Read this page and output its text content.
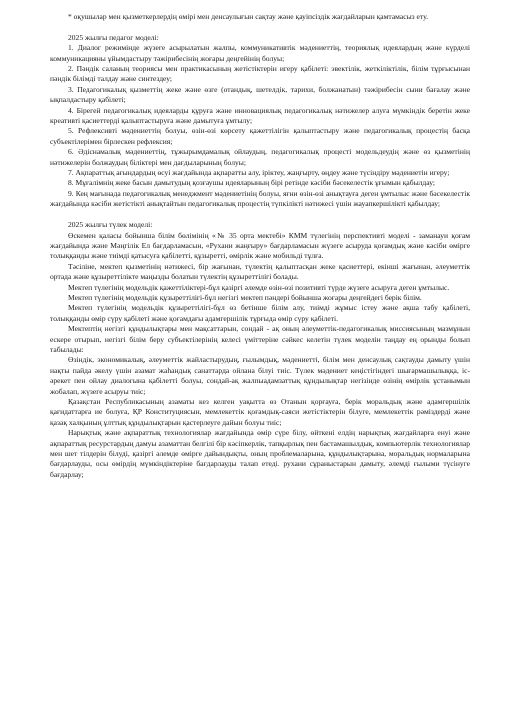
* оқушылар мен қызметкерлердің өмірі мен денсаулығын сақтау және қауіпсіздік жағдайларын қамтамасыз ету.

2025 жылғы педагог моделі:

1. Диалог режимінде жүзеге асырылатын жалпы, коммуникативтік мәдениеттің, теориялық идеялардың және күрделі коммуникацияны ұйымдастыру тәжірибесінің жоғары деңгейінің болуы;

2. Пәндік саланың теориясы мен практикасының жетістіктерін игеру қабілеті: эвектілік, жеткіліктілік, білім тұрғысынан пәндік білімді талдау және синтездеу;

3. Педагогикалық қызметтің жеке және өзге (отандық, шетелдік, тарихи, болжанатын) тәжірибесін сыни бағалау және ықпалдастыру қабілеті;

4. Бірегей педагогикалық идеяларды құруға және инновациялық педагогикалық нәтижелер алуға мүмкіндік беретін жеке креативті қасиеттерді қалыптастыруға және дамытуға ұмтылу;

5. Рефлексивті мәдениеттің болуы, өзін-өзі көрсету қажеттілігін қалыптастыру және педагогикалық процестің басқа субъектілерімен бірлескен рефлексия;

6. Әдіснамалық мәдениеттің, тұжырымдамалық ойлаудың, педагогикалық процесті модельдеудің және өз қызметінің нәтижелерін болжаудың біліктері мен дағдыларының болуы;

7. Ақпараттық ағындардың өсуі жағдайында ақпаратты алу, іріктеу, жаңғырту, өңдеу және түсіндіру мәдениетін игеру;

8. Мұғалімнің жеке басын дамытудың қозғаушы идеяларының бірі ретінде кәсіби бәсекелестік ұғымын қабылдау;

9. Кең мағынада педагогикалық менеджмент мәдениетінің болуы, яғни өзін-өзі анықтауға деген ұмтылыс және бәсекелестік жағдайында кәсіби жетістікті анықтайтын педагогикалық процестің түпкілікті нәтижесі үшін жауапкершілікті қабылдау;

2025 жылғы түлек моделі:

Өскемен қаласы бойынша білім бөлімінің «№ 35 орта мектебі» КММ түлегінің перспективті моделі - заманауи қоғам жағдайында және Мәңгілік Ел бағдарламасын, «Рухани жаңғыру» бағдарламасын жүзеге асыруда қоғамдық және кәсіби өмірге толыққанды және тиімді қатысуға қабілетті, құзыретті, өмірлік және мобильді тұлға.

Тәсіліне, мектеп қызметінің нәтижесі, бір жағынан, түлектің қалыптасқан жеке қасиеттері, екінші жағынан, әлеуметтік ортада және құзыреттілікте маңызды болатын түлектің құзыреттілігі болады.

Мектеп түлегінің модельдік қажеттіліктері-бұл қазіргі әлемде өзін-өзі позитивті түрде жүзеге асыруға деген ұмтылыс.

Мектеп түлегінің модельдік құзыреттілігі-бұл негізгі мектеп пәндері бойынша жоғары деңгейдегі берік білім.

Мектеп түлегінің модельдік құзыреттілігі-бұл өз бетінше білім алу, тиімді жұмыс істеу және ақша табу қабілеті, толыққанды өмір сүру қабілеті және қоғамдағы адамгершілік тұрғыда өмір сүру қабілеті.

Мектептің негізгі құндылықтары мен мақсаттарын, сондай - ақ оның әлеуметтік-педагогикалық миссиясының мазмұнын ескере отырып, негізгі білім беру субъектілерінің келесі үміттеріне сәйкес келетін түлек моделін таңдау ең орынды болып табылады:

Өзіндік, экономикалық, әлеуметтік жайластырудың, ғылымдық, мәдениетті, білім мен денсаулық сақтауды дамыту үшін нақты пайда әкелу үшін азамат жаһандық санаттарда ойлана білуі тиіс. Түлек мәдениет кеңістігіндегі шығармашылыққа, іс-әрекет пен ойлау диалогына қабілетті болуы, сондай-ақ жалпыадамзаттық құндылықтар негізінде өзінің өмірлік ұстанымын жобалап, жүзеге асыруы тиіс;

Қазақстан Республикасының азаматы кез келген уақытта өз Отанын қорғауға, берік моральдық және адамгершілік қағидаттарға ие болуға, ҚР Конституциясын, мемлекеттік қоғамдық-саяси жетістіктерін білуге, мемлекеттік рәміздерді және қазақ халқының ұлттық құндылықтарын қастерлеуге дайын болуы тиіс;

Нарықтық және ақпараттық технологиялар жағдайында өмір сүре білу, өйткені елдің нарықтық жағдайларға енуі және ақпараттық ресурстардың дамуы азаматтан белгілі бір кәсіпкерлік, тапқырлық пен бастамашылдық, компьютерлік технологиялар мен шет тілдерін білуді, қазіргі әлемде өмірге дайындықты, оның проблемаларына, құндылықтарына, моральдық нормаларына бағдарлауды, осы өмірдің мүмкіндіктеріне бағдарлауды талап етеді. рухани сұраныстарын дамыту, әлемді ғылыми түсінуге бағдарлау;
